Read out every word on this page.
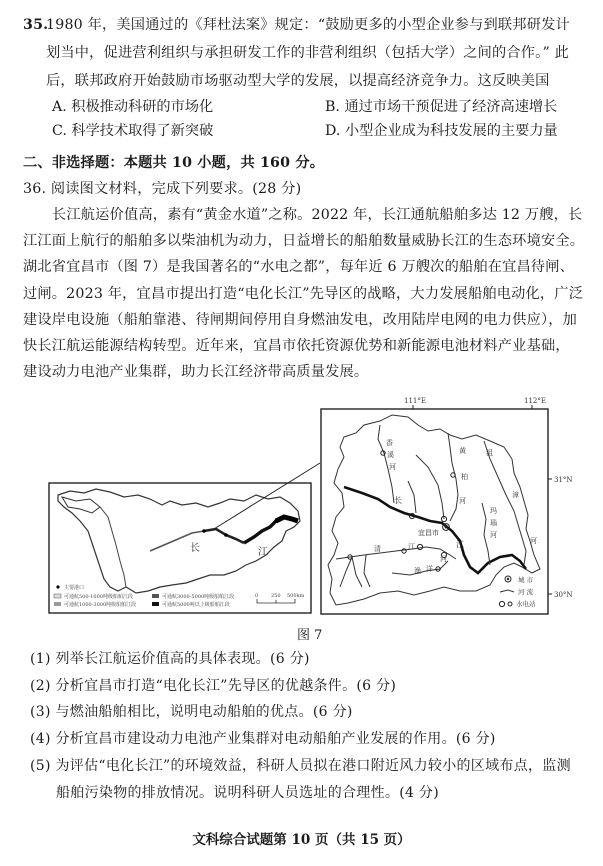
35.
1980 年，美国通过的《拜杜法案》规定：“鼓励更多的小型企业参与到联邦研发计
划当中，促进营利组织与承担研发工作的非营利组织（包括大学）之间的合作。” 此
后，联邦政府开始鼓励市场驱动型大学的发展，以提高经济竞争力。这反映美国
A. 积极推动科研的市场化	B. 通过市场干预促进了经济高速增长
C. 科学技术取得了新突破	D. 小型企业成为科技发展的主要力量
二、非选择题：本题共 10 小题，共 160 分。
36. 阅读图文材料，完成下列要求。(28 分)
长江航运价值高，素有“黄金水道”之称。2022 年，长江通航船舶多达 12 万艘，长
江江面上航行的船舶多以柴油机为动力，日益增长的船舶数量威胁长江的生态环境安全。
湖北省宜昌市（图 7）是我国著名的“水电之都”，每年近 6 万艘次的船舶在宜昌待闸、
过闸。2023 年，宜昌市提出打造“电化长江”先导区的战略，大力发展船舶电动化，广泛
建设岸电设施（船舶靠港、待闸期间停用自身燃油发电，改用陆岸电网的电力供应），加
快长江航运能源结构转型。近年来，宜昌市依托资源优势和新能源电池材料产业基础，
建设动力电池产业集群，助力长江经济带高质量发展。
长	江
主要港口
可通航500-1000吨级船舶江段
可通航1000-3000吨级船舶江段
可通航3000-5000吨级船舶江段
可通航5000吨以上级船舶江段
0	250 500km
111°E	112°E
31°N
30°N
宜昌市
长
江
香
溪
河
黄
柏
河
沮
漳
河
玛
瑙
河
清	江
渔 洋
河
城 市
河 流
水电站
图 7
(1) 列举长江航运价值高的具体表现。(6 分)
(2) 分析宜昌市打造“电化长江”先导区的优越条件。(6 分)
(3) 与燃油船舶相比，说明电动船舶的优点。(6 分)
(4) 分析宜昌市建设动力电池产业集群对电动船舶产业发展的作用。(6 分)
(5) 为评估“电化长江”的环境效益，科研人员拟在港口附近风力较小的区域布点，监测
船舶污染物的排放情况。说明科研人员选址的合理性。(4 分)
文科综合试题第 10 页（共 15 页）
